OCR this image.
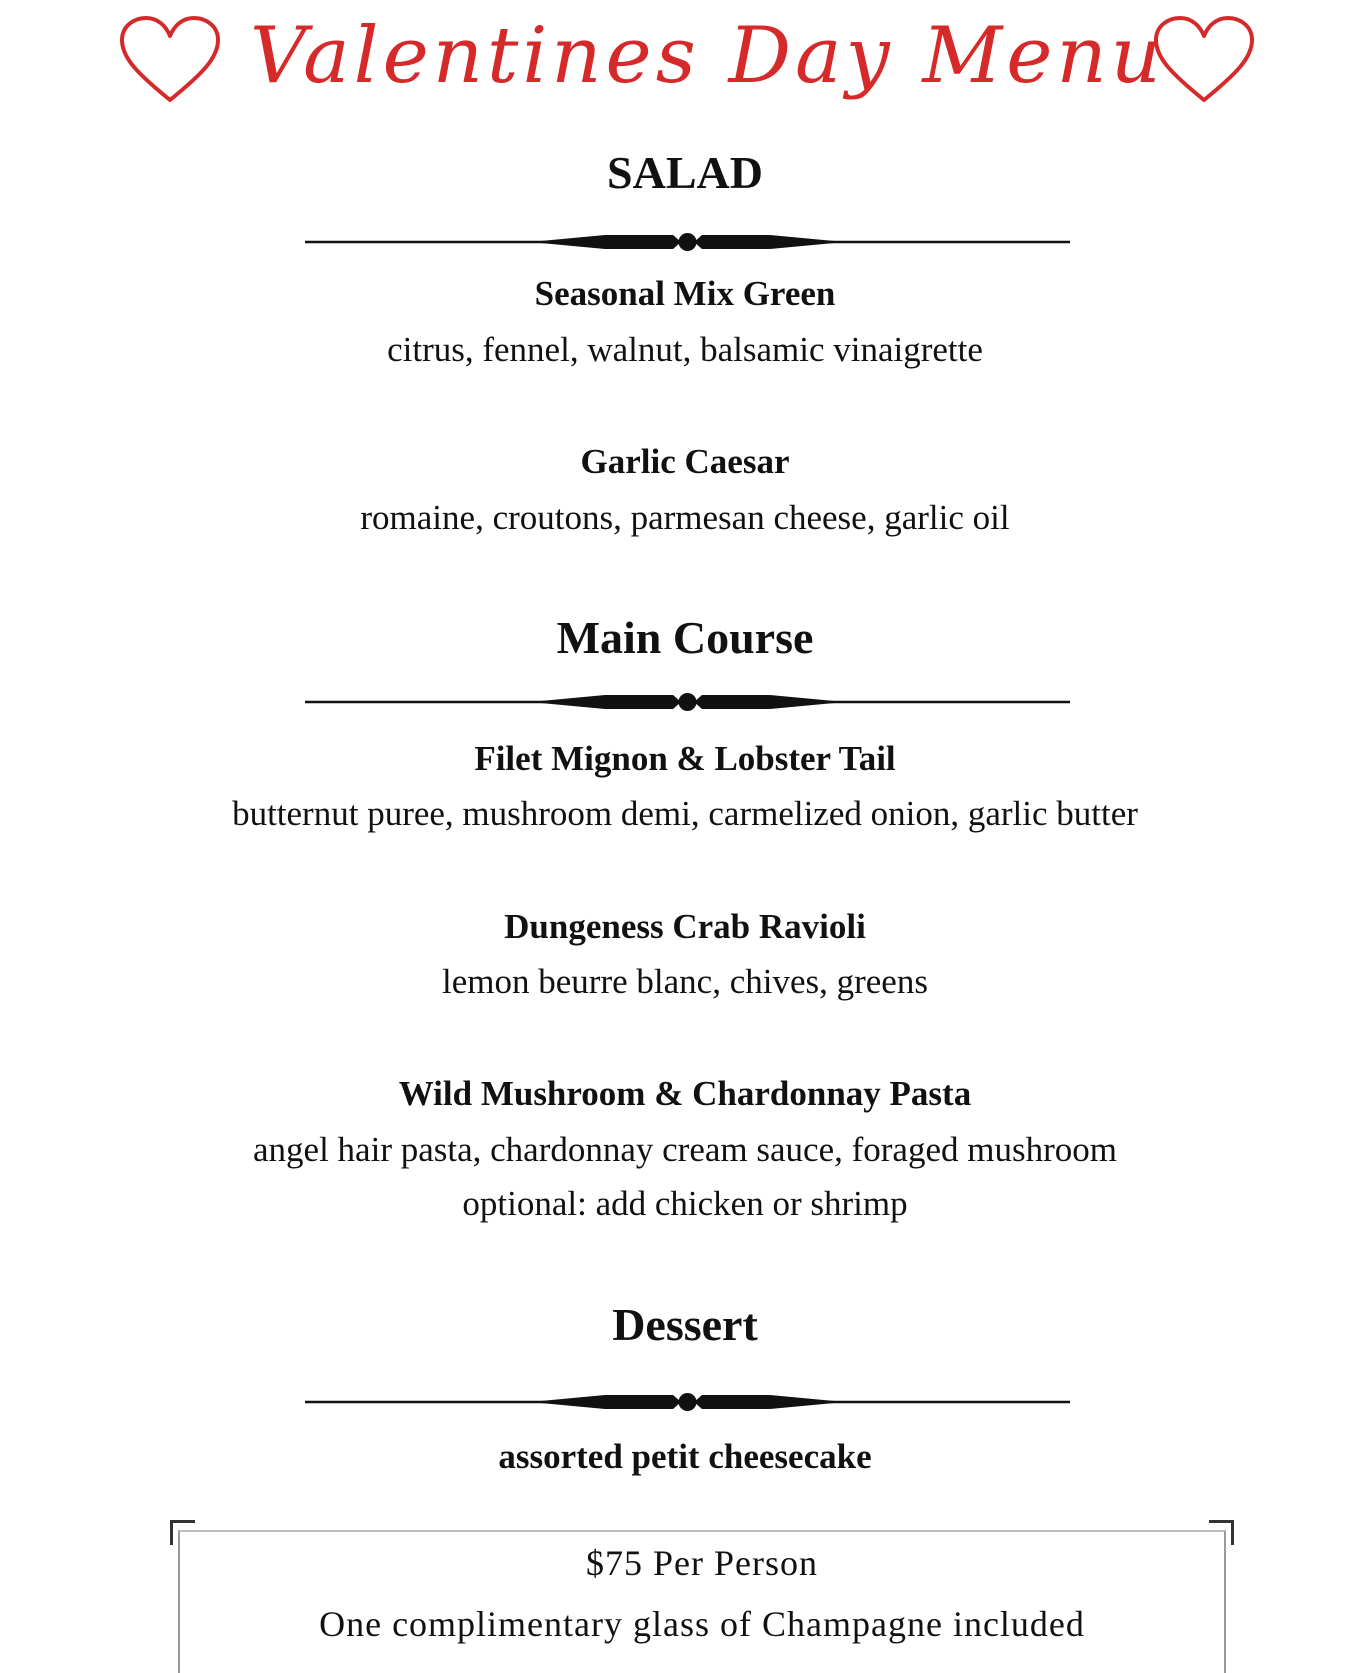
Valentines Day Menu
SALAD
Seasonal Mix Green
citrus, fennel, walnut, balsamic vinaigrette
Garlic Caesar
romaine, croutons, parmesan cheese, garlic oil
Main Course
Filet Mignon & Lobster Tail
butternut puree, mushroom demi, carmelized onion, garlic butter
Dungeness Crab Ravioli
lemon beurre blanc, chives, greens
Wild Mushroom & Chardonnay Pasta
angel hair pasta, chardonnay cream sauce, foraged mushroom
optional: add chicken or shrimp
Dessert
assorted petit cheesecake
$75 Per Person
One complimentary glass of Champagne included
